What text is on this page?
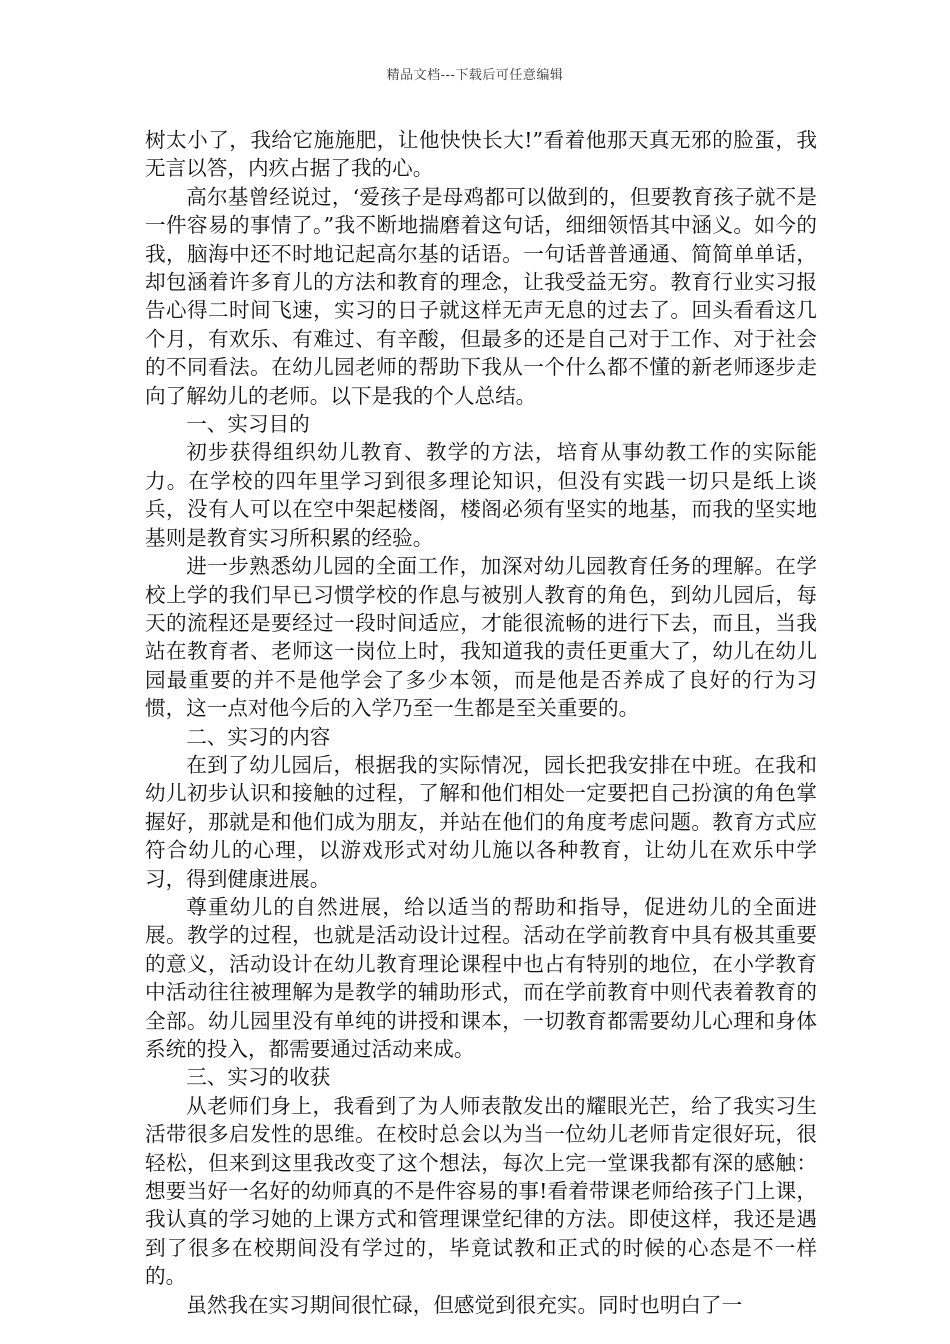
精品文档---下载后可任意编辑

树太小了，我给它施施肥，让他快快长大!”看着他那天真无邪的脸蛋，我无言以答，内疚占据了我的心。

高尔基曾经说过，‘爱孩子是母鸡都可以做到的，但要教育孩子就不是一件容易的事情了。”我不断地揣磨着这句话，细细领悟其中涵义。如今的我，脑海中还不时地记起高尔基的话语。一句话普普通通、简简单单话，却包涵着许多育儿的方法和教育的理念，让我受益无穷。教育行业实习报告心得二时间飞速，实习的日子就这样无声无息的过去了。回头看看这几个月，有欢乐、有难过、有辛酸，但最多的还是自己对于工作、对于社会的不同看法。在幼儿园老师的帮助下我从一个什么都不懂的新老师逐步走向了解幼儿的老师。以下是我的个人总结。

一、实习目的

初步获得组织幼儿教育、教学的方法，培育从事幼教工作的实际能力。在学校的四年里学习到很多理论知识，但没有实践一切只是纸上谈兵，没有人可以在空中架起楼阁，楼阁必须有坚实的地基，而我的坚实地基则是教育实习所积累的经验。

进一步熟悉幼儿园的全面工作，加深对幼儿园教育任务的理解。在学校上学的我们早已习惯学校的作息与被别人教育的角色，到幼儿园后，每天的流程还是要经过一段时间适应，才能很流畅的进行下去，而且，当我站在教育者、老师这一岗位上时，我知道我的责任更重大了，幼儿在幼儿园最重要的并不是他学会了多少本领，而是他是否养成了良好的行为习惯，这一点对他今后的入学乃至一生都是至关重要的。

二、实习的内容

在到了幼儿园后，根据我的实际情况，园长把我安排在中班。在我和幼儿初步认识和接触的过程，了解和他们相处一定要把自己扮演的角色掌握好，那就是和他们成为朋友，并站在他们的角度考虑问题。教育方式应符合幼儿的心理，以游戏形式对幼儿施以各种教育，让幼儿在欢乐中学习，得到健康进展。

尊重幼儿的自然进展，给以适当的帮助和指导，促进幼儿的全面进展。教学的过程，也就是活动设计过程。活动在学前教育中具有极其重要的意义，活动设计在幼儿教育理论课程中也占有特别的地位，在小学教育中活动往往被理解为是教学的辅助形式，而在学前教育中则代表着教育的全部。幼儿园里没有单纯的讲授和课本，一切教育都需要幼儿心理和身体系统的投入，都需要通过活动来成。

三、实习的收获

从老师们身上，我看到了为人师表散发出的耀眼光芒，给了我实习生活带很多启发性的思维。在校时总会以为当一位幼儿老师肯定很好玩，很轻松，但来到这里我改变了这个想法，每次上完一堂课我都有深的感触：想要当好一名好的幼师真的不是件容易的事!看着带课老师给孩子门上课，我认真的学习她的上课方式和管理课堂纪律的方法。即使这样，我还是遇到了很多在校期间没有学过的，毕竟试教和正式的时候的心态是不一样的。

虽然我在实习期间很忙碌，但感觉到很充实。同时也明白了一
